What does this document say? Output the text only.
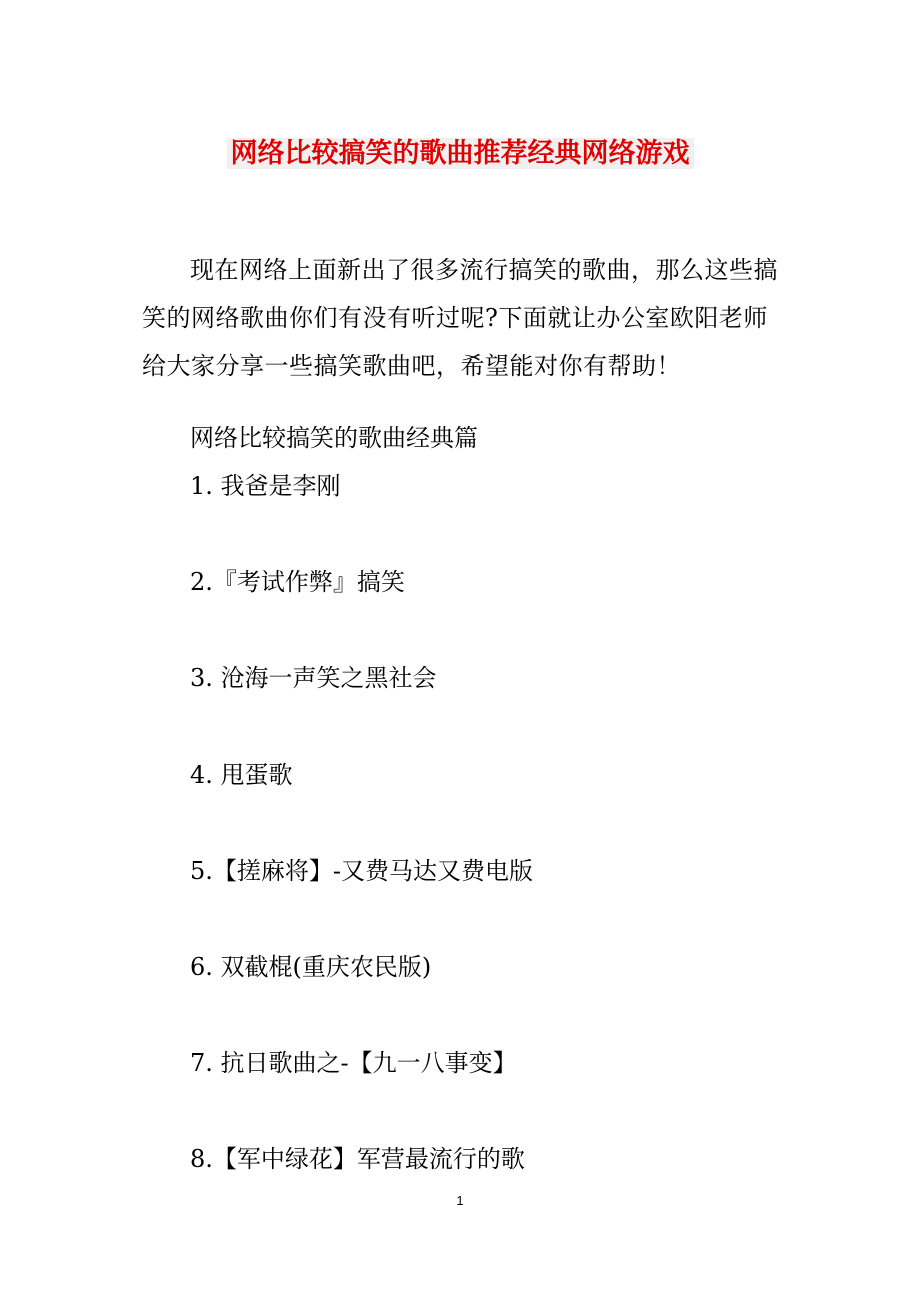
网络比较搞笑的歌曲推荐经典网络游戏

现在网络上面新出了很多流行搞笑的歌曲，那么这些搞笑的网络歌曲你们有没有听过呢?下面就让办公室欧阳老师给大家分享一些搞笑歌曲吧，希望能对你有帮助！

网络比较搞笑的歌曲经典篇
1. 我爸是李刚
2.『考试作弊』搞笑
3. 沧海一声笑之黑社会
4. 甩蛋歌
5.【搓麻将】-又费马达又费电版
6. 双截棍(重庆农民版)
7. 抗日歌曲之-【九一八事变】
8.【军中绿花】军营最流行的歌
1
